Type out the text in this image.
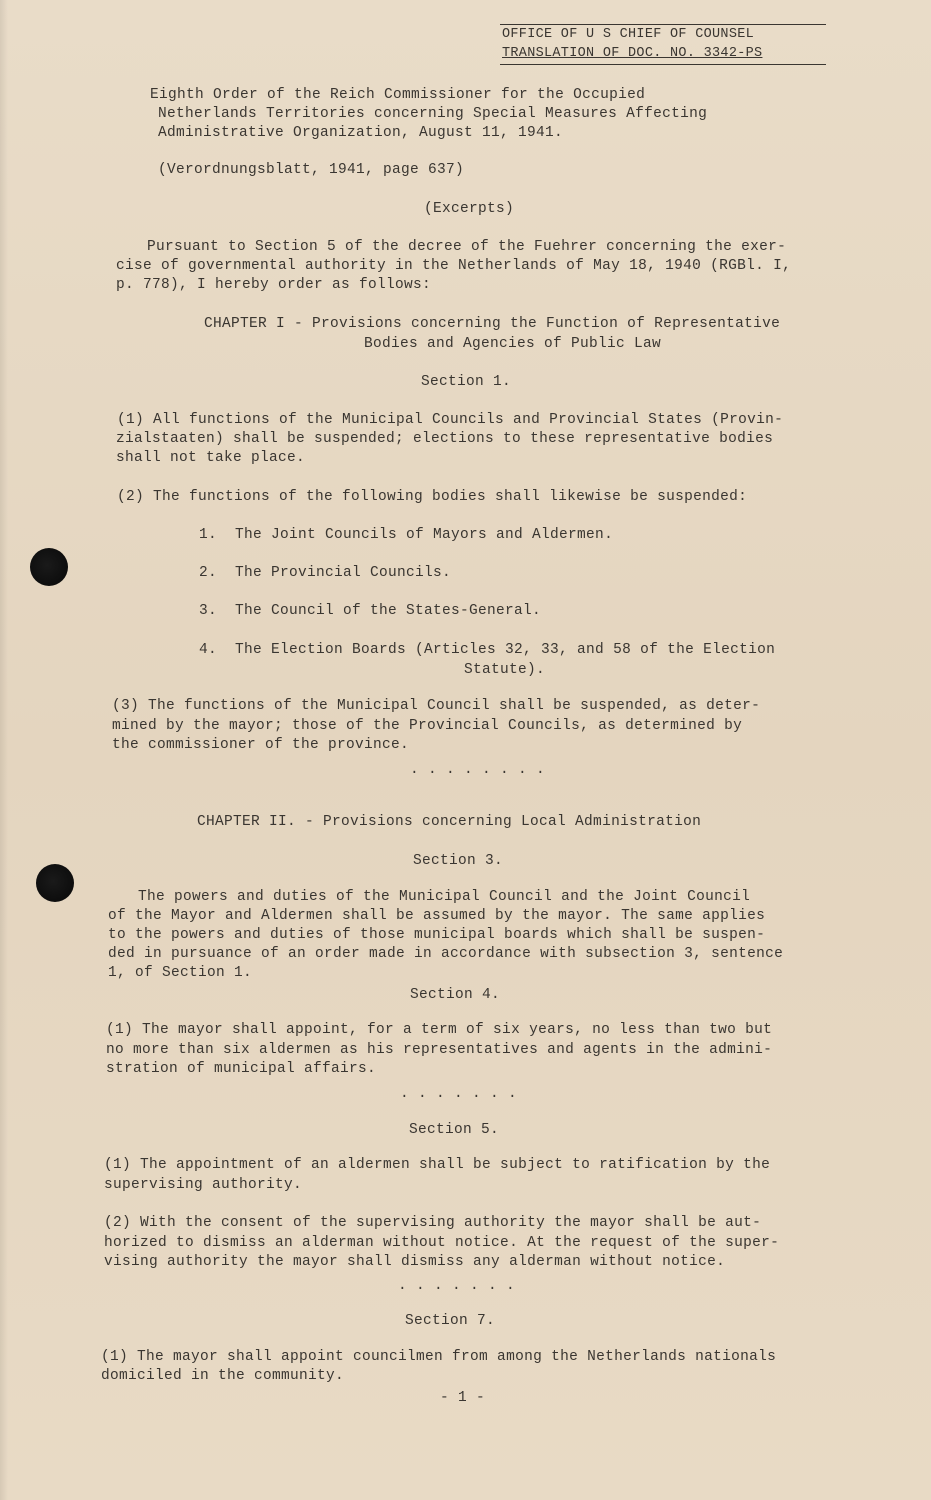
OFFICE OF U S CHIEF OF COUNSEL
TRANSLATION OF DOC. NO. 3342-PS
Eighth Order of the Reich Commissioner for the Occupied
Netherlands Territories concerning Special Measures Affecting
Administrative Organization, August 11, 1941.
(Verordnungsblatt, 1941, page 637)
(Excerpts)
Pursuant to Section 5 of the decree of the Fuehrer concerning the exer-
cise of governmental authority in the Netherlands of May 18, 1940 (RGBl. I,
p. 778), I hereby order as follows:
CHAPTER I - Provisions concerning the Function of Representative
Bodies and Agencies of Public Law
Section 1.
(1) All functions of the Municipal Councils and Provincial States (Provin-
zialstaaten) shall be suspended; elections to these representative bodies
shall not take place.
(2) The functions of the following bodies shall likewise be suspended:
1.  The Joint Councils of Mayors and Aldermen.
2.  The Provincial Councils.
3.  The Council of the States-General.
4.  The Election Boards (Articles 32, 33, and 58 of the Election
Statute).
(3) The functions of the Municipal Council shall be suspended, as deter-
mined by the mayor; those of the Provincial Councils, as determined by
the commissioner of the province.
. . . . . . . .
CHAPTER II. - Provisions concerning Local Administration
Section 3.
The powers and duties of the Municipal Council and the Joint Council
of the Mayor and Aldermen shall be assumed by the mayor. The same applies
to the powers and duties of those municipal boards which shall be suspen-
ded in pursuance of an order made in accordance with subsection 3, sentence
1, of Section 1.
Section 4.
(1) The mayor shall appoint, for a term of six years, no less than two but
no more than six aldermen as his representatives and agents in the admini-
stration of municipal affairs.
. . . . . . .
Section 5.
(1) The appointment of an aldermen shall be subject to ratification by the
supervising authority.
(2) With the consent of the supervising authority the mayor shall be aut-
horized to dismiss an alderman without notice. At the request of the super-
vising authority the mayor shall dismiss any alderman without notice.
. . . . . . .
Section 7.
(1) The mayor shall appoint councilmen from among the Netherlands nationals
domiciled in the community.
- 1 -
